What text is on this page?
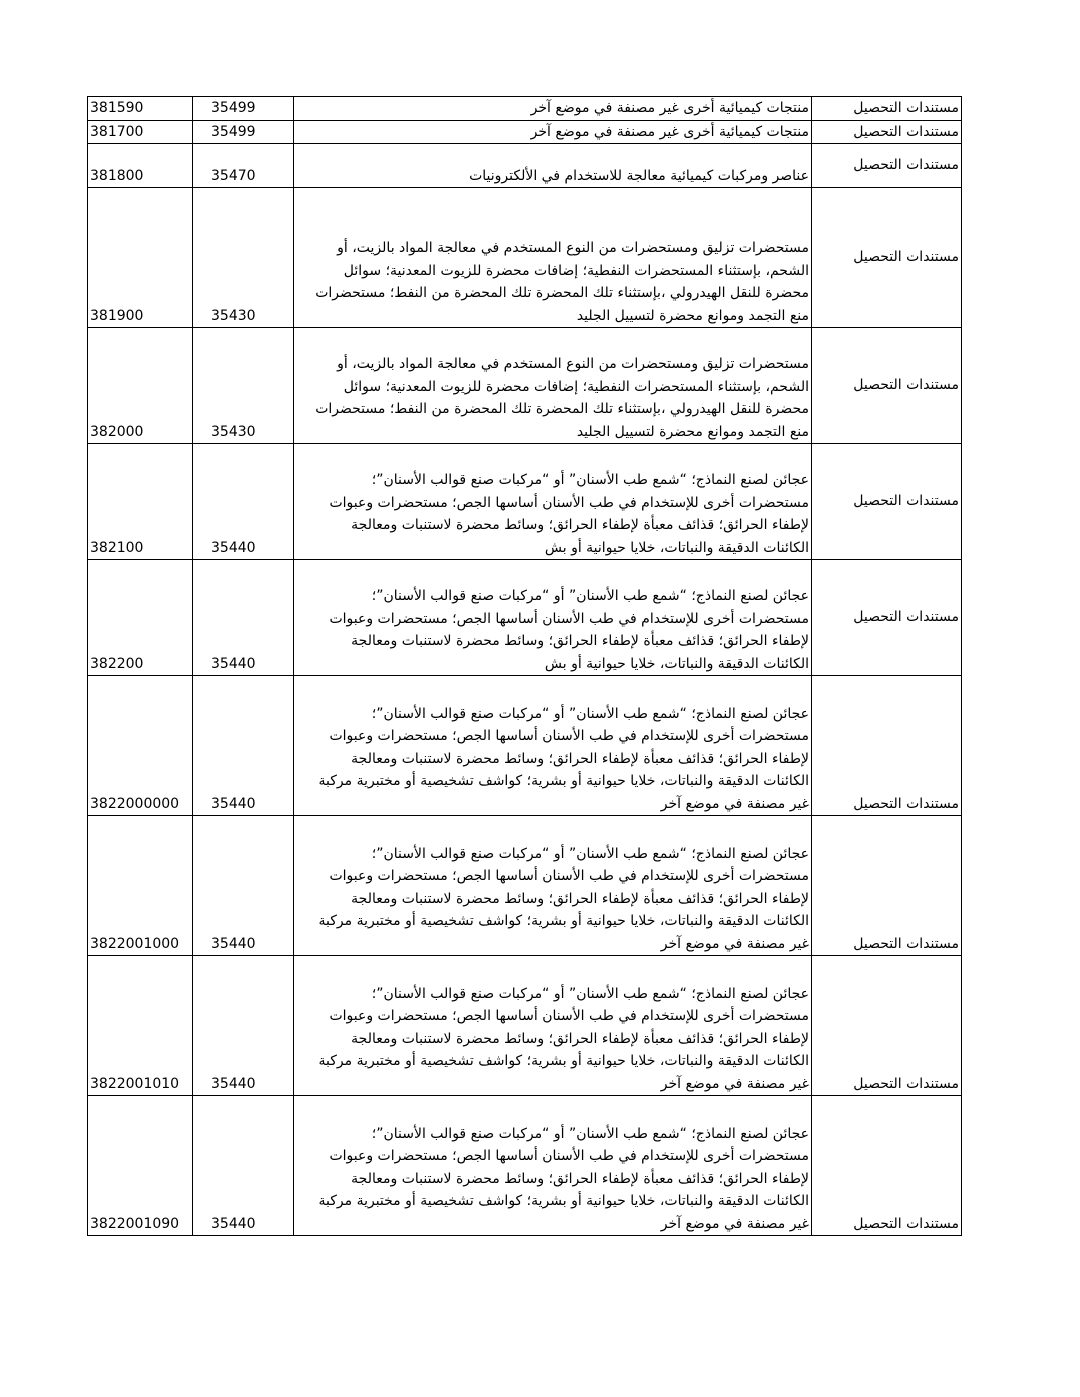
381590	35499	منتجات كيميائية أخرى غير مصنفة في موضع آخر	مستندات التحصيل
381700	35499	منتجات كيميائية أخرى غير مصنفة في موضع آخر	مستندات التحصيل
381800	35470	عناصر ومركبات كيميائية معالجة للاستخدام في الألكترونيات	مستندات التحصيل
381900	35430	مستحضرات تزليق ومستحضرات من النوع المستخدم في معالجة المواد بالزيت، أو
الشحم، بإستثناء المستحضرات النفطية؛ إضافات محضرة للزيوت المعدنية؛ سوائل
محضرة للنقل الهيدرولي ،بإستثناء تلك المحضرة تلك المحضرة من النفط؛ مستحضرات
منع التجمد وموانع محضرة لتسييل الجليد	مستندات التحصيل
382000	35430	مستحضرات تزليق ومستحضرات من النوع المستخدم في معالجة المواد بالزيت، أو
الشحم، بإستثناء المستحضرات النفطية؛ إضافات محضرة للزيوت المعدنية؛ سوائل
محضرة للنقل الهيدرولي ،بإستثناء تلك المحضرة تلك المحضرة من النفط؛ مستحضرات
منع التجمد وموانع محضرة لتسييل الجليد	مستندات التحصيل
382100	35440	عجائن لصنع النماذج؛ “شمع طب الأسنان” أو “مركبات صنع قوالب الأسنان”؛
مستحضرات أخرى للإستخدام في طب الأسنان أساسها الجص؛ مستحضرات وعبوات
لإطفاء الحرائق؛ قذائف معبأة لإطفاء الحرائق؛ وسائط محضرة لاستنبات ومعالجة
الكائنات الدقيقة والنباتات، خلايا حيوانية أو بش	مستندات التحصيل
382200	35440	عجائن لصنع النماذج؛ “شمع طب الأسنان” أو “مركبات صنع قوالب الأسنان”؛
مستحضرات أخرى للإستخدام في طب الأسنان أساسها الجص؛ مستحضرات وعبوات
لإطفاء الحرائق؛ قذائف معبأة لإطفاء الحرائق؛ وسائط محضرة لاستنبات ومعالجة
الكائنات الدقيقة والنباتات، خلايا حيوانية أو بش	مستندات التحصيل
3822000000	35440	عجائن لصنع النماذج؛ “شمع طب الأسنان” أو “مركبات صنع قوالب الأسنان”؛
مستحضرات أخرى للإستخدام في طب الأسنان أساسها الجص؛ مستحضرات وعبوات
لإطفاء الحرائق؛ قذائف معبأة لإطفاء الحرائق؛ وسائط محضرة لاستنبات ومعالجة
الكائنات الدقيقة والنباتات، خلايا حيوانية أو بشرية؛ كواشف تشخيصية أو مختبرية مركبة
غير مصنفة في موضع آخر	مستندات التحصيل
3822001000	35440	عجائن لصنع النماذج؛ “شمع طب الأسنان” أو “مركبات صنع قوالب الأسنان”؛
مستحضرات أخرى للإستخدام في طب الأسنان أساسها الجص؛ مستحضرات وعبوات
لإطفاء الحرائق؛ قذائف معبأة لإطفاء الحرائق؛ وسائط محضرة لاستنبات ومعالجة
الكائنات الدقيقة والنباتات، خلايا حيوانية أو بشرية؛ كواشف تشخيصية أو مختبرية مركبة
غير مصنفة في موضع آخر	مستندات التحصيل
3822001010	35440	عجائن لصنع النماذج؛ “شمع طب الأسنان” أو “مركبات صنع قوالب الأسنان”؛
مستحضرات أخرى للإستخدام في طب الأسنان أساسها الجص؛ مستحضرات وعبوات
لإطفاء الحرائق؛ قذائف معبأة لإطفاء الحرائق؛ وسائط محضرة لاستنبات ومعالجة
الكائنات الدقيقة والنباتات، خلايا حيوانية أو بشرية؛ كواشف تشخيصية أو مختبرية مركبة
غير مصنفة في موضع آخر	مستندات التحصيل
3822001090	35440	عجائن لصنع النماذج؛ “شمع طب الأسنان” أو “مركبات صنع قوالب الأسنان”؛
مستحضرات أخرى للإستخدام في طب الأسنان أساسها الجص؛ مستحضرات وعبوات
لإطفاء الحرائق؛ قذائف معبأة لإطفاء الحرائق؛ وسائط محضرة لاستنبات ومعالجة
الكائنات الدقيقة والنباتات، خلايا حيوانية أو بشرية؛ كواشف تشخيصية أو مختبرية مركبة
غير مصنفة في موضع آخر	مستندات التحصيل
